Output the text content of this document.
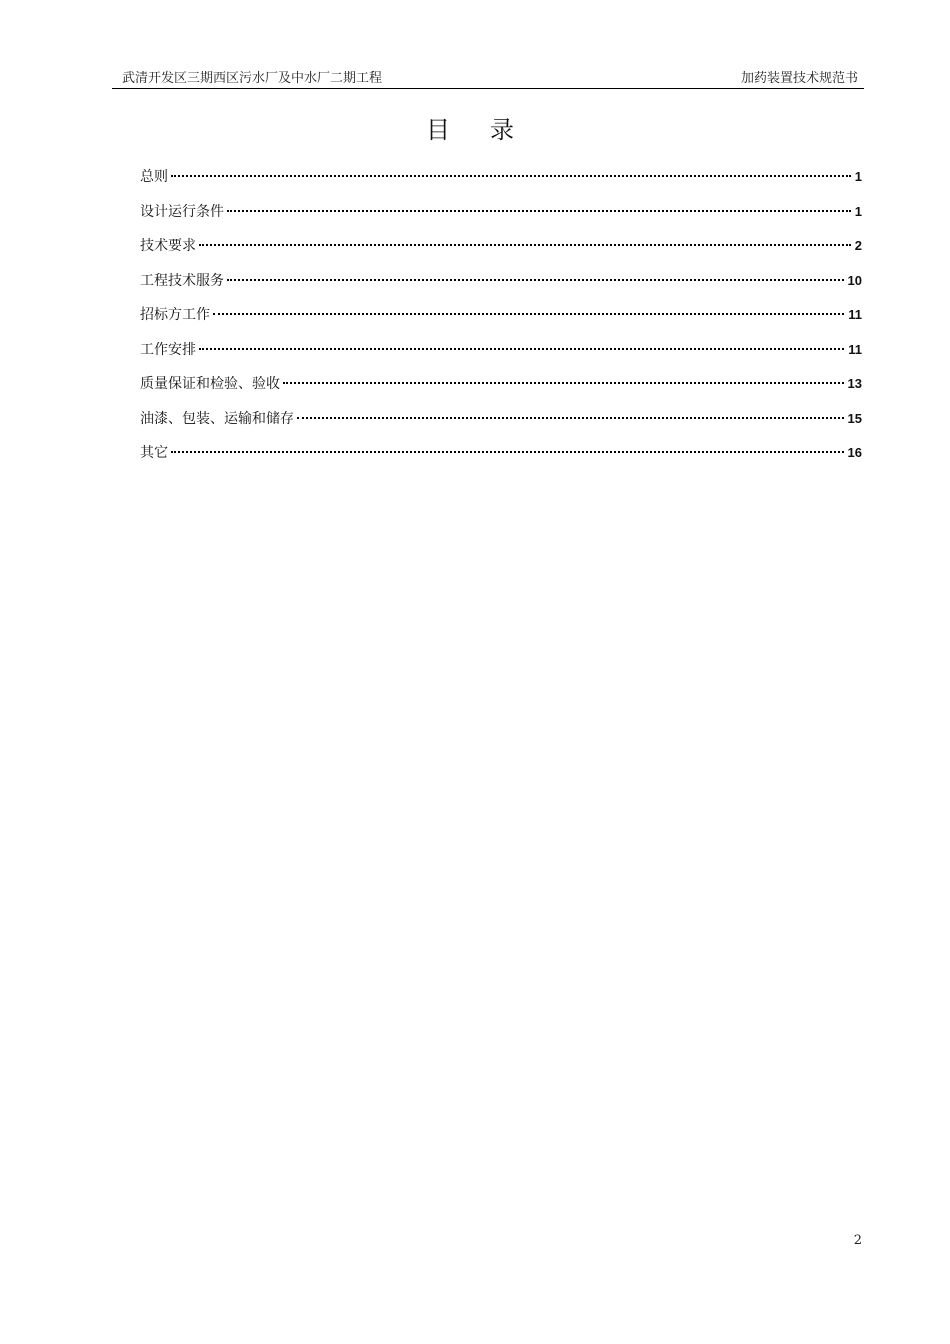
武清开发区三期西区污水厂及中水厂二期工程	加药装置技术规范书
目录
总则	1
设计运行条件	1
技术要求	2
工程技术服务	10
招标方工作	11
工作安排	11
质量保证和检验、验收	13
油漆、包装、运输和储存	15
其它	16
2
